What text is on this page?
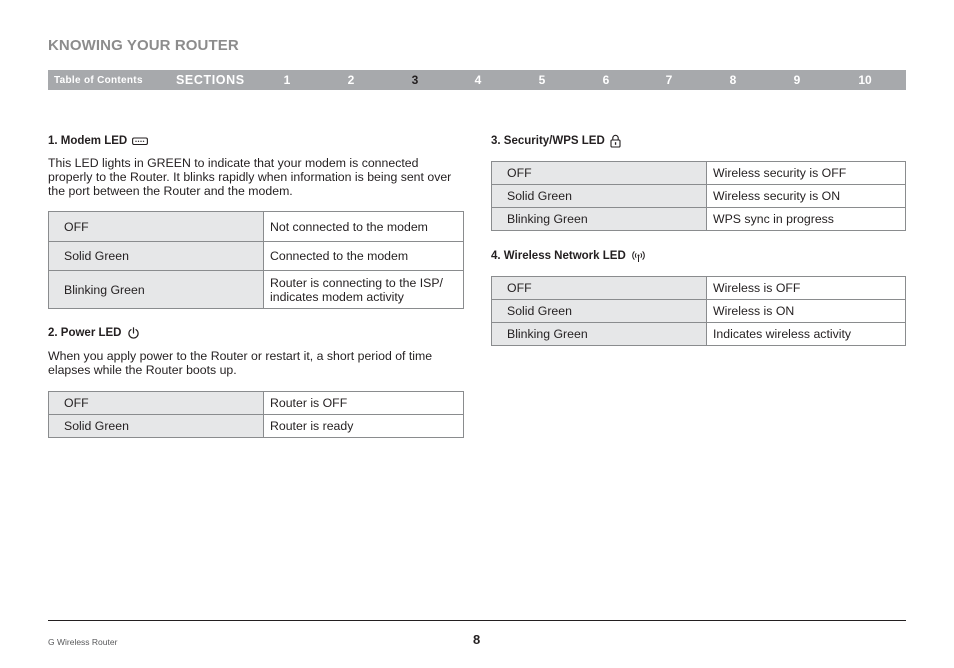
KNOWING YOUR ROUTER
Table of Contents	SECTIONS	1	2	3	4	5	6	7	8	9	10
1. Modem LED

This LED lights in GREEN to indicate that your modem is connected properly to the Router. It blinks rapidly when information is being sent over the port between the Router and the modem.

OFF	Not connected to the modem
Solid Green	Connected to the modem
Blinking Green	Router is connecting to the ISP/ indicates modem activity
2. Power LED

When you apply power to the Router or restart it, a short period of time elapses while the Router boots up.

OFF	Router is OFF
Solid Green	Router is ready
3. Security/WPS LED
OFF	Wireless security is OFF
Solid Green	Wireless security is ON
Blinking Green	WPS sync in progress
4. Wireless Network LED
OFF	Wireless is OFF
Solid Green	Wireless is ON
Blinking Green	Indicates wireless activity
G Wireless Router	8
